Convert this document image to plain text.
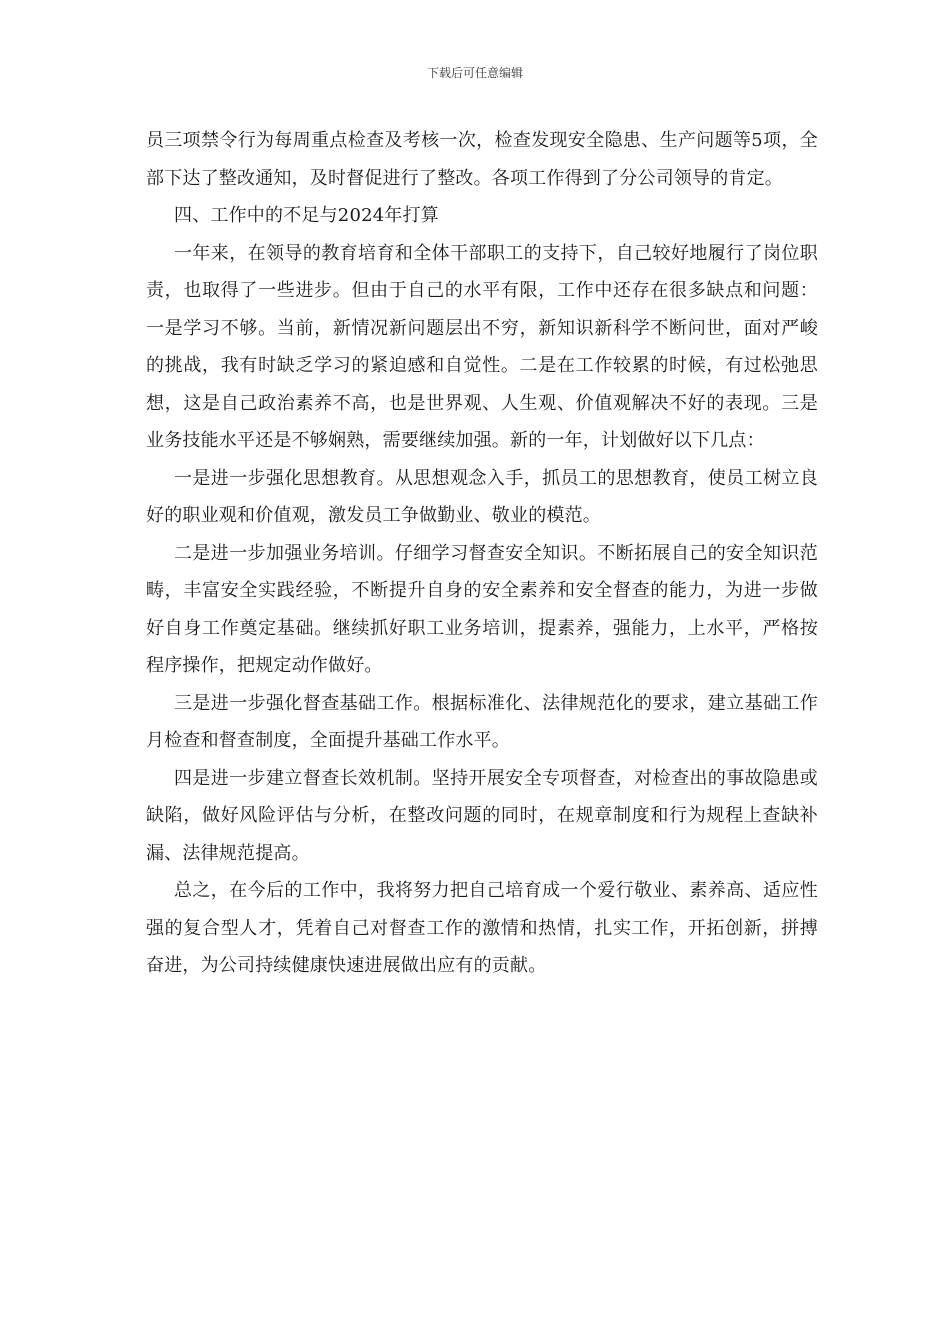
下载后可任意编辑

员三项禁令行为每周重点检查及考核一次，检查发现安全隐患、生产问题等5项，全部下达了整改通知，及时督促进行了整改。各项工作得到了分公司领导的肯定。

四、工作中的不足与2024年打算

一年来，在领导的教育培育和全体干部职工的支持下，自己较好地履行了岗位职责，也取得了一些进步。但由于自己的水平有限，工作中还存在很多缺点和问题：一是学习不够。当前，新情况新问题层出不穷，新知识新科学不断问世，面对严峻的挑战，我有时缺乏学习的紧迫感和自觉性。二是在工作较累的时候，有过松弛思想，这是自己政治素养不高，也是世界观、人生观、价值观解决不好的表现。三是业务技能水平还是不够娴熟，需要继续加强。新的一年，计划做好以下几点：

一是进一步强化思想教育。从思想观念入手，抓员工的思想教育，使员工树立良好的职业观和价值观，激发员工争做勤业、敬业的模范。

二是进一步加强业务培训。仔细学习督查安全知识。不断拓展自己的安全知识范畴，丰富安全实践经验，不断提升自身的安全素养和安全督查的能力，为进一步做好自身工作奠定基础。继续抓好职工业务培训，提素养，强能力，上水平，严格按程序操作，把规定动作做好。

三是进一步强化督查基础工作。根据标准化、法律规范化的要求，建立基础工作月检查和督查制度，全面提升基础工作水平。

四是进一步建立督查长效机制。坚持开展安全专项督查，对检查出的事故隐患或缺陷，做好风险评估与分析，在整改问题的同时，在规章制度和行为规程上查缺补漏、法律规范提高。

总之，在今后的工作中，我将努力把自己培育成一个爱行敬业、素养高、适应性强的复合型人才，凭着自己对督查工作的激情和热情，扎实工作，开拓创新，拼搏奋进，为公司持续健康快速进展做出应有的贡献。
